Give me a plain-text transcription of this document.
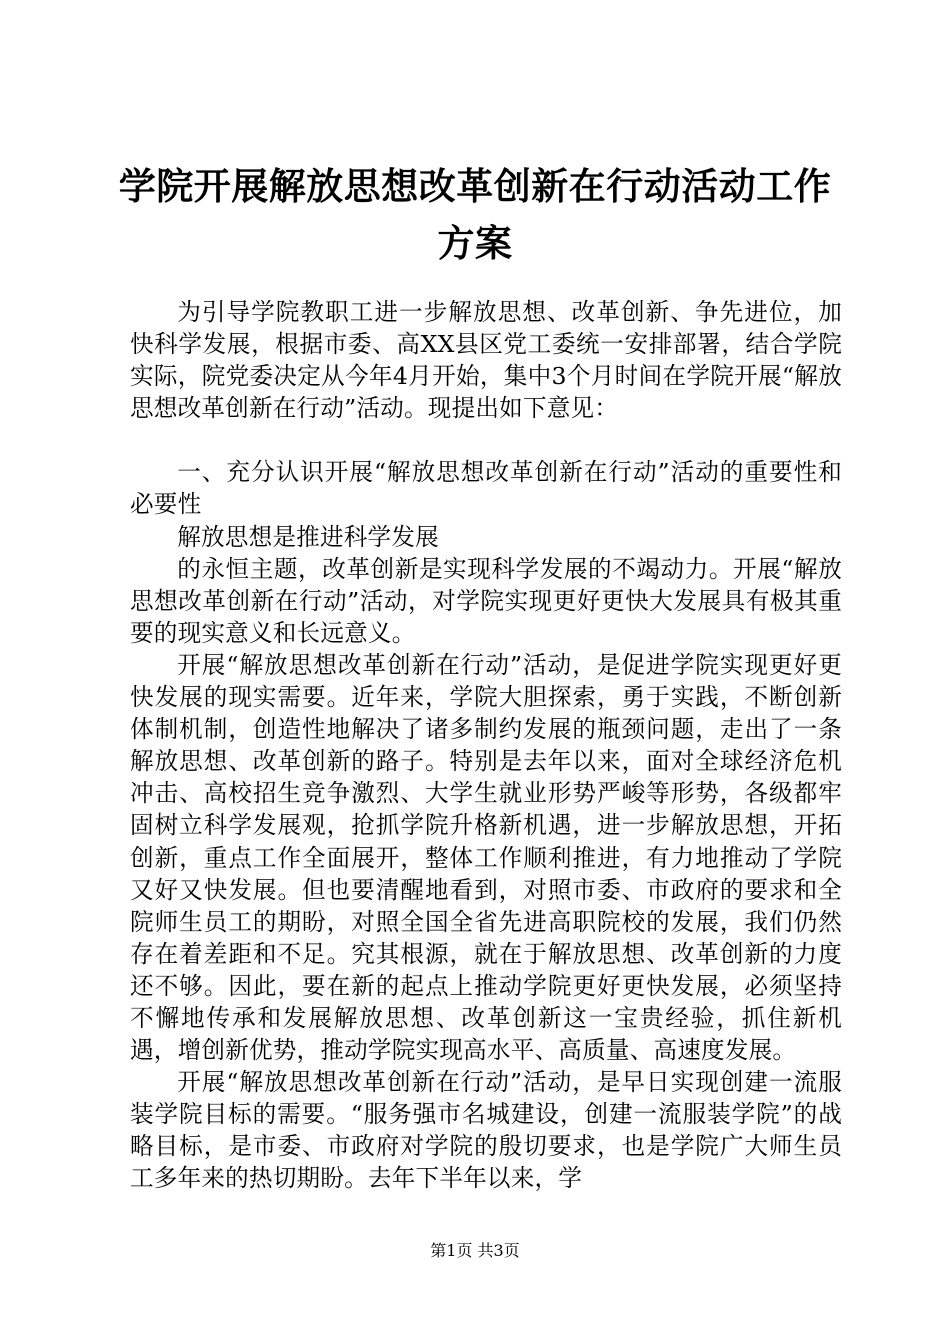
学院开展解放思想改革创新在行动活动工作方案

为引导学院教职工进一步解放思想、改革创新、争先进位，加快科学发展，根据市委、高XX县区党工委统一安排部署，结合学院实际，院党委决定从今年4月开始，集中3个月时间在学院开展“解放思想改革创新在行动”活动。现提出如下意见：

一、充分认识开展“解放思想改革创新在行动”活动的重要性和必要性

解放思想是推进科学发展

的永恒主题，改革创新是实现科学发展的不竭动力。开展“解放思想改革创新在行动”活动，对学院实现更好更快大发展具有极其重要的现实意义和长远意义。

开展“解放思想改革创新在行动”活动，是促进学院实现更好更快发展的现实需要。近年来，学院大胆探索，勇于实践，不断创新体制机制，创造性地解决了诸多制约发展的瓶颈问题，走出了一条解放思想、改革创新的路子。特别是去年以来，面对全球经济危机冲击、高校招生竞争激烈、大学生就业形势严峻等形势，各级都牢固树立科学发展观，抢抓学院升格新机遇，进一步解放思想，开拓创新，重点工作全面展开，整体工作顺利推进，有力地推动了学院又好又快发展。但也要清醒地看到，对照市委、市政府的要求和全院师生员工的期盼，对照全国全省先进高职院校的发展，我们仍然存在着差距和不足。究其根源，就在于解放思想、改革创新的力度还不够。因此，要在新的起点上推动学院更好更快发展，必须坚持不懈地传承和发展解放思想、改革创新这一宝贵经验，抓住新机遇，增创新优势，推动学院实现高水平、高质量、高速度发展。

开展“解放思想改革创新在行动”活动，是早日实现创建一流服装学院目标的需要。“服务强市名城建设，创建一流服装学院”的战略目标，是市委、市政府对学院的殷切要求，也是学院广大师生员工多年来的热切期盼。去年下半年以来，学

第1页 共3页
